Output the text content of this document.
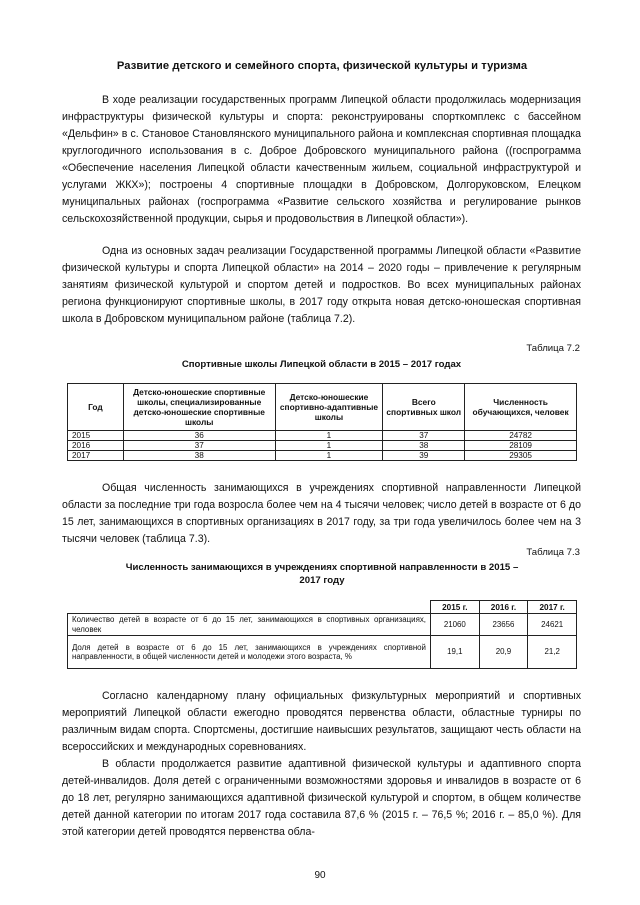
Развитие детского и семейного спорта, физической культуры и туризма

В ходе реализации государственных программ Липецкой области продолжилась модернизация инфраструктуры физической культуры и спорта: реконструированы спорткомплекс с бассейном «Дельфин» в с. Становое Становлянского муниципального района и комплексная спортивная площадка круглогодичного использования в с. Доброе Добровского муниципального района ((госпрограмма «Обеспечение населения Липецкой области качественным жильем, социальной инфраструктурой и услугами ЖКХ»); построены 4 спортивные площадки в Добровском, Долгоруковском, Елецком муниципальных районах (госпрограмма «Развитие сельского хозяйства и регулирование рынков сельскохозяйственной продукции, сырья и продовольствия в Липецкой области»).

Одна из основных задач реализации Государственной программы Липецкой области «Развитие физической культуры и спорта Липецкой области» на 2014 – 2020 годы – привлечение к регулярным занятиям физической культурой и спортом детей и подростков. Во всех муниципальных районах региона функционируют спортивные школы, в 2017 году открыта новая детско-юношеская спортивная школа в Добровском муниципальном районе (таблица 7.2).

Таблица 7.2
Спортивные школы Липецкой области в 2015 – 2017 годах
Год	Детско-юношеские спортивные школы, специализированные детско-юношеские спортивные школы	Детско-юношеские спортивно-адаптивные школы	Всего спортивных школ	Численность обучающихся, человек
2015	36	1	37	24782
2016	37	1	38	28109
2017	38	1	39	29305

Общая численность занимающихся в учреждениях спортивной направленности Липецкой области за последние три года возросла более чем на 4 тысячи человек; число детей в возрасте от 6 до 15 лет, занимающихся в спортивных организациях в 2017 году, за три года увеличилось более чем на 3 тысячи человек (таблица 7.3).

Таблица 7.3
Численность занимающихся в учреждениях спортивной направленности в 2015 – 2017 году
	2015 г.	2016 г.	2017 г.
Количество детей в возрасте от 6 до 15 лет, занимающихся в спортивных организациях, человек	21060	23656	24621
Доля детей в возрасте от 6 до 15 лет, занимающихся в учреждениях спортивной направленности, в общей численности детей и молодежи этого возраста, %	19,1	20,9	21,2

Согласно календарному плану официальных физкультурных мероприятий и спортивных мероприятий Липецкой области ежегодно проводятся первенства области, областные турниры по различным видам спорта. Спортсмены, достигшие наивысших результатов, защищают честь области на всероссийских и международных соревнованиях.

В области продолжается развитие адаптивной физической культуры и адаптивного спорта детей-инвалидов. Доля детей с ограниченными возможностями здоровья и инвалидов в возрасте от 6 до 18 лет, регулярно занимающихся адаптивной физической культурой и спортом, в общем количестве детей данной категории по итогам 2017 года составила 87,6 % (2015 г. – 76,5 %; 2016 г. – 85,0 %). Для этой категории детей проводятся первенства обла-

90
